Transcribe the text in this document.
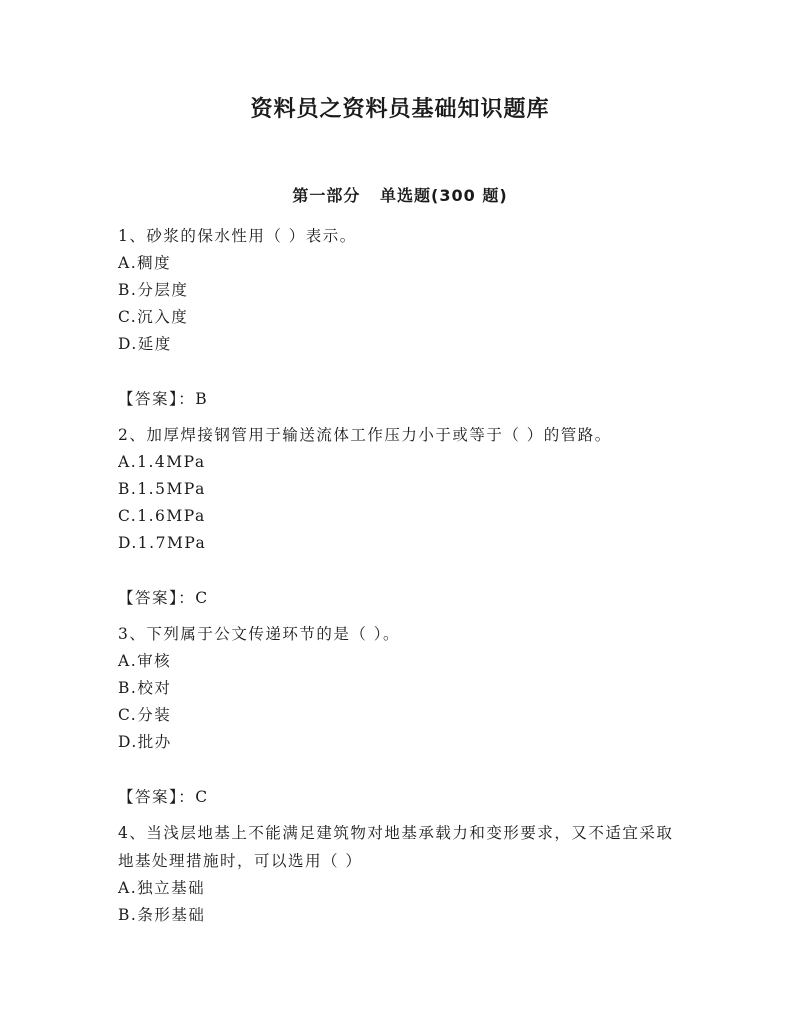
资料员之资料员基础知识题库
第一部分   单选题(300 题)

1、砂浆的保水性用（ ）表示。

A.稠度

B.分层度

C.沉入度

D.延度

【答案】：B

2、加厚焊接钢管用于输送流体工作压力小于或等于（ ）的管路。

A.1.4MPa

B.1.5MPa

C.1.6MPa

D.1.7MPa

【答案】：C

3、下列属于公文传递环节的是（ ）。

A.审核

B.校对

C.分装

D.批办

【答案】：C

4、当浅层地基上不能满足建筑物对地基承载力和变形要求，又不适宜采取地基处理措施时，可以选用（ ）

A.独立基础

B.条形基础
